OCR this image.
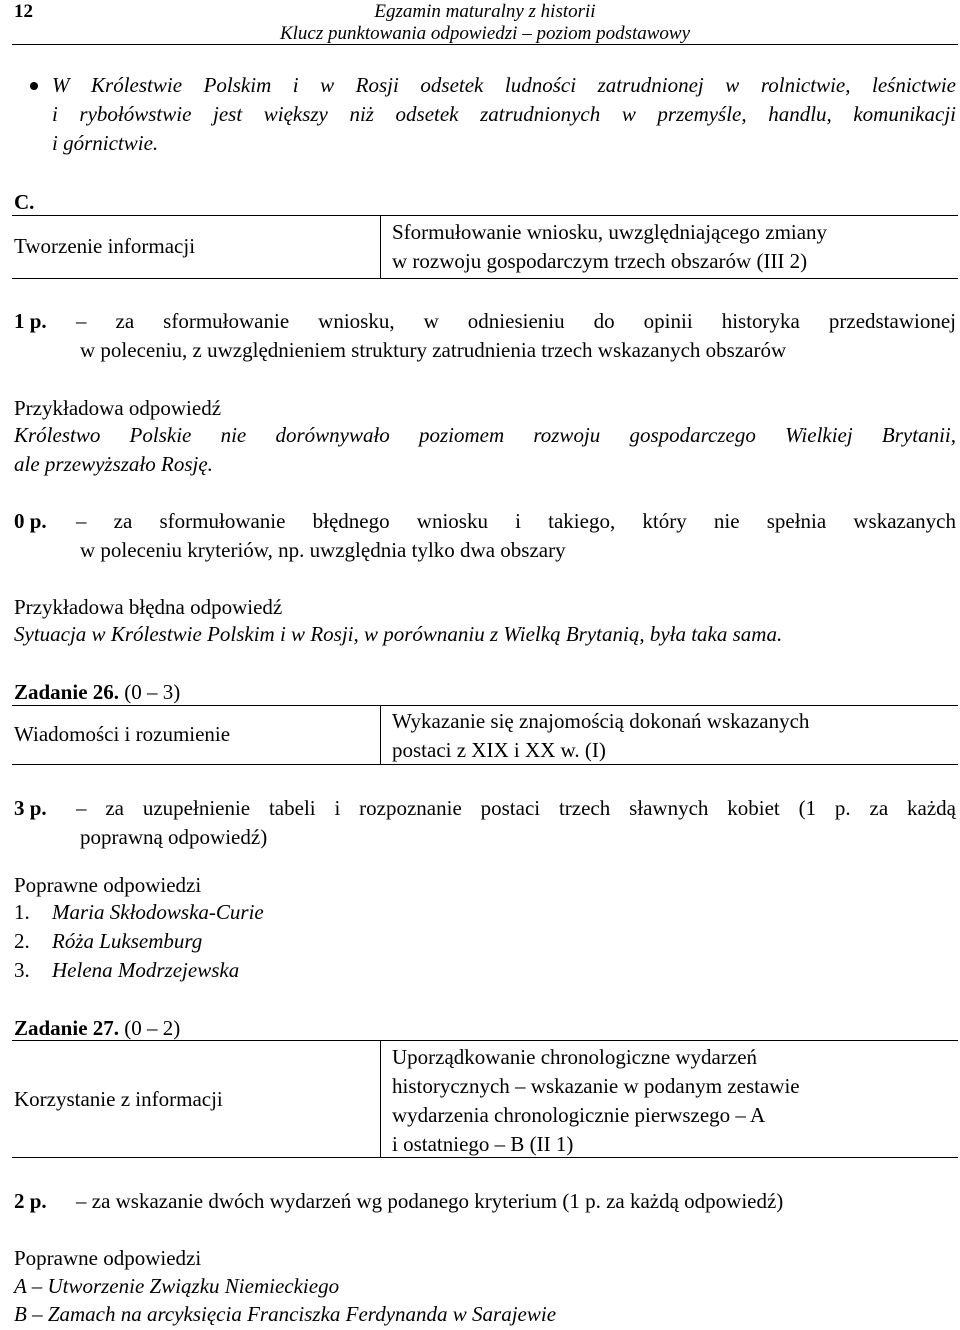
12	Egzamin maturalny z historii
Klucz punktowania odpowiedzi – poziom podstawowy
W Królestwie Polskim i w Rosji odsetek ludności zatrudnionej w rolnictwie, leśnictwie
i rybołówstwie jest większy niż odsetek zatrudnionych w przemyśle, handlu, komunikacji
i górnictwie.
C.
Tworzenie informacji
Sformułowanie wniosku, uwzględniającego zmiany
w rozwoju gospodarczym trzech obszarów (III 2)
1 p. – za sformułowanie wniosku, w odniesieniu do opinii historyka przedstawionej
w poleceniu, z uwzględnieniem struktury zatrudnienia trzech wskazanych obszarów
Przykładowa odpowiedź
Królestwo Polskie nie dorównywało poziomem rozwoju gospodarczego Wielkiej Brytanii,
ale przewyższało Rosję.
0 p. – za sformułowanie błędnego wniosku i takiego, który nie spełnia wskazanych
w poleceniu kryteriów, np. uwzględnia tylko dwa obszary
Przykładowa błędna odpowiedź
Sytuacja w Królestwie Polskim i w Rosji, w porównaniu z Wielką Brytanią, była taka sama.
Zadanie 26. (0 – 3)
Wiadomości i rozumienie
Wykazanie się znajomością dokonań wskazanych
postaci z XIX i XX w. (I)
3 p. – za uzupełnienie tabeli i rozpoznanie postaci trzech sławnych kobiet (1 p. za każdą
poprawną odpowiedź)
Poprawne odpowiedzi
1. Maria Skłodowska-Curie
2. Róża Luksemburg
3. Helena Modrzejewska
Zadanie 27. (0 – 2)
Korzystanie z informacji
Uporządkowanie chronologiczne wydarzeń
historycznych – wskazanie w podanym zestawie
wydarzenia chronologicznie pierwszego – A
i ostatniego – B (II 1)
2 p. – za wskazanie dwóch wydarzeń wg podanego kryterium (1 p. za każdą odpowiedź)
Poprawne odpowiedzi
A – Utworzenie Związku Niemieckiego
B – Zamach na arcyksięcia Franciszka Ferdynanda w Sarajewie
